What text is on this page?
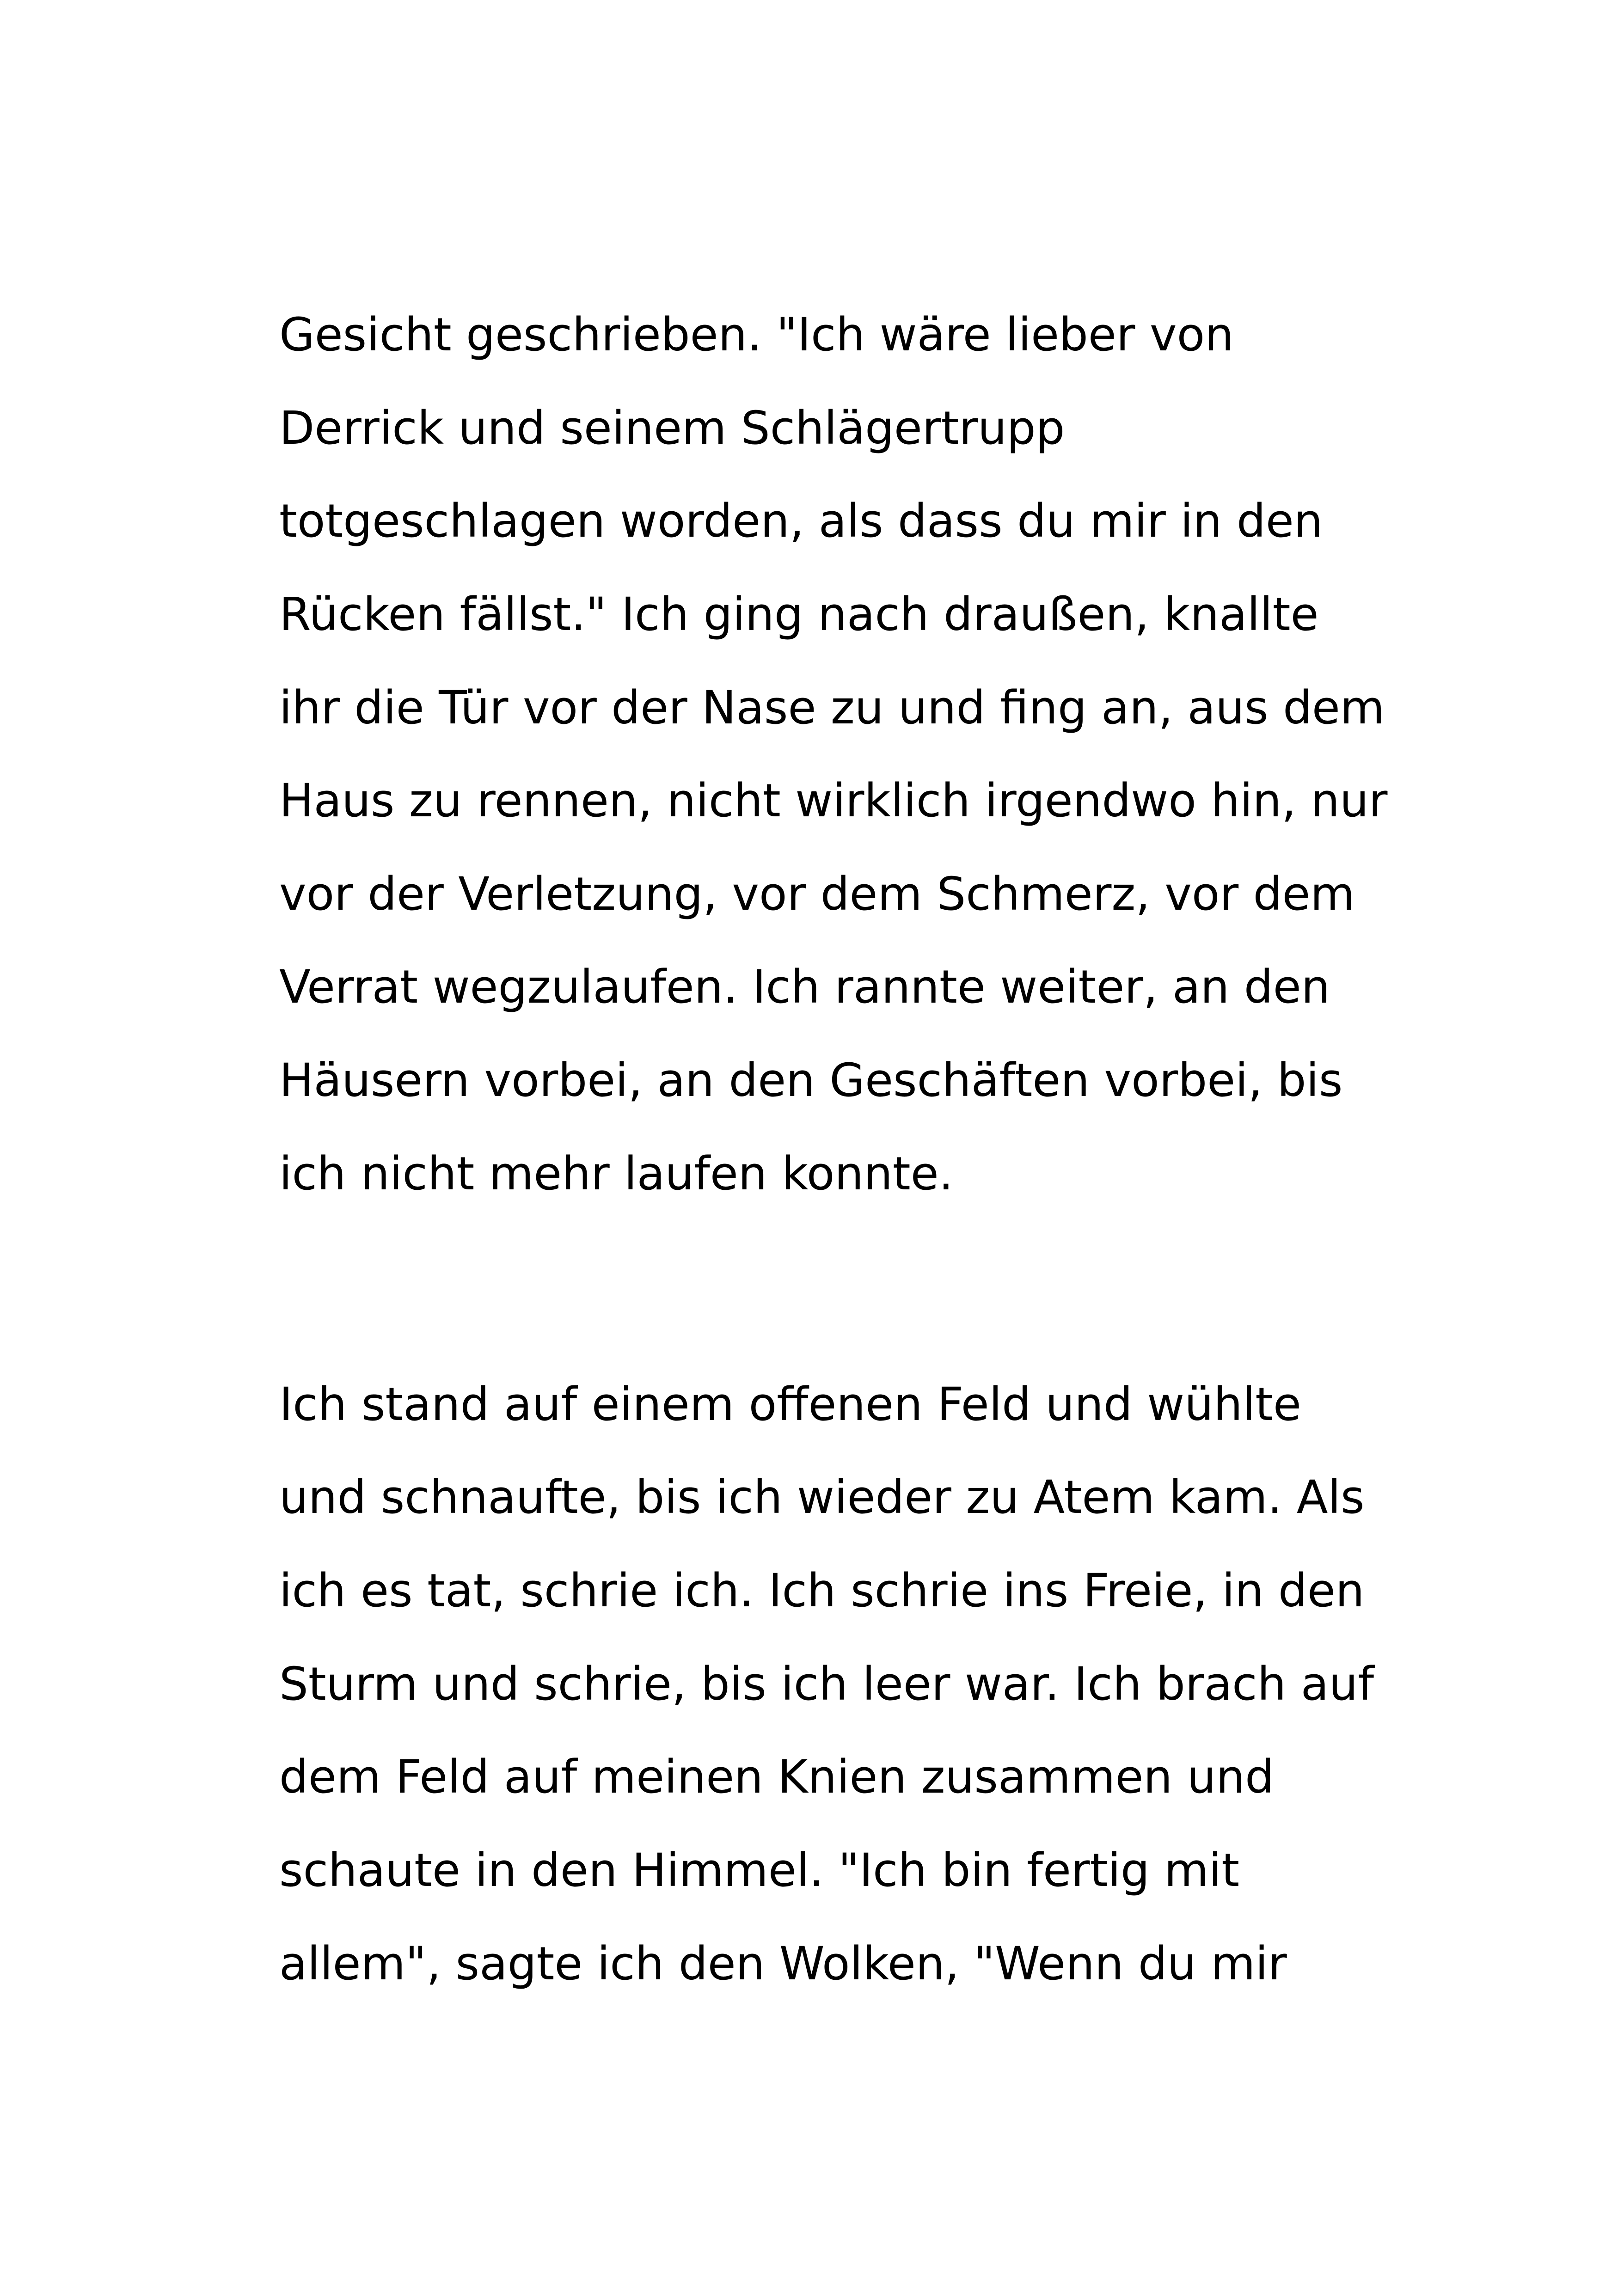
Gesicht geschrieben. "Ich wäre lieber von
Derrick und seinem Schlägertrupp
totgeschlagen worden, als dass du mir in den
Rücken fällst." Ich ging nach draußen, knallte
ihr die Tür vor der Nase zu und fing an, aus dem
Haus zu rennen, nicht wirklich irgendwo hin, nur
vor der Verletzung, vor dem Schmerz, vor dem
Verrat wegzulaufen. Ich rannte weiter, an den
Häusern vorbei, an den Geschäften vorbei, bis
ich nicht mehr laufen konnte.
Ich stand auf einem offenen Feld und wühlte
und schnaufte, bis ich wieder zu Atem kam. Als
ich es tat, schrie ich. Ich schrie ins Freie, in den
Sturm und schrie, bis ich leer war. Ich brach auf
dem Feld auf meinen Knien zusammen und
schaute in den Himmel. "Ich bin fertig mit
allem", sagte ich den Wolken, "Wenn du mir
